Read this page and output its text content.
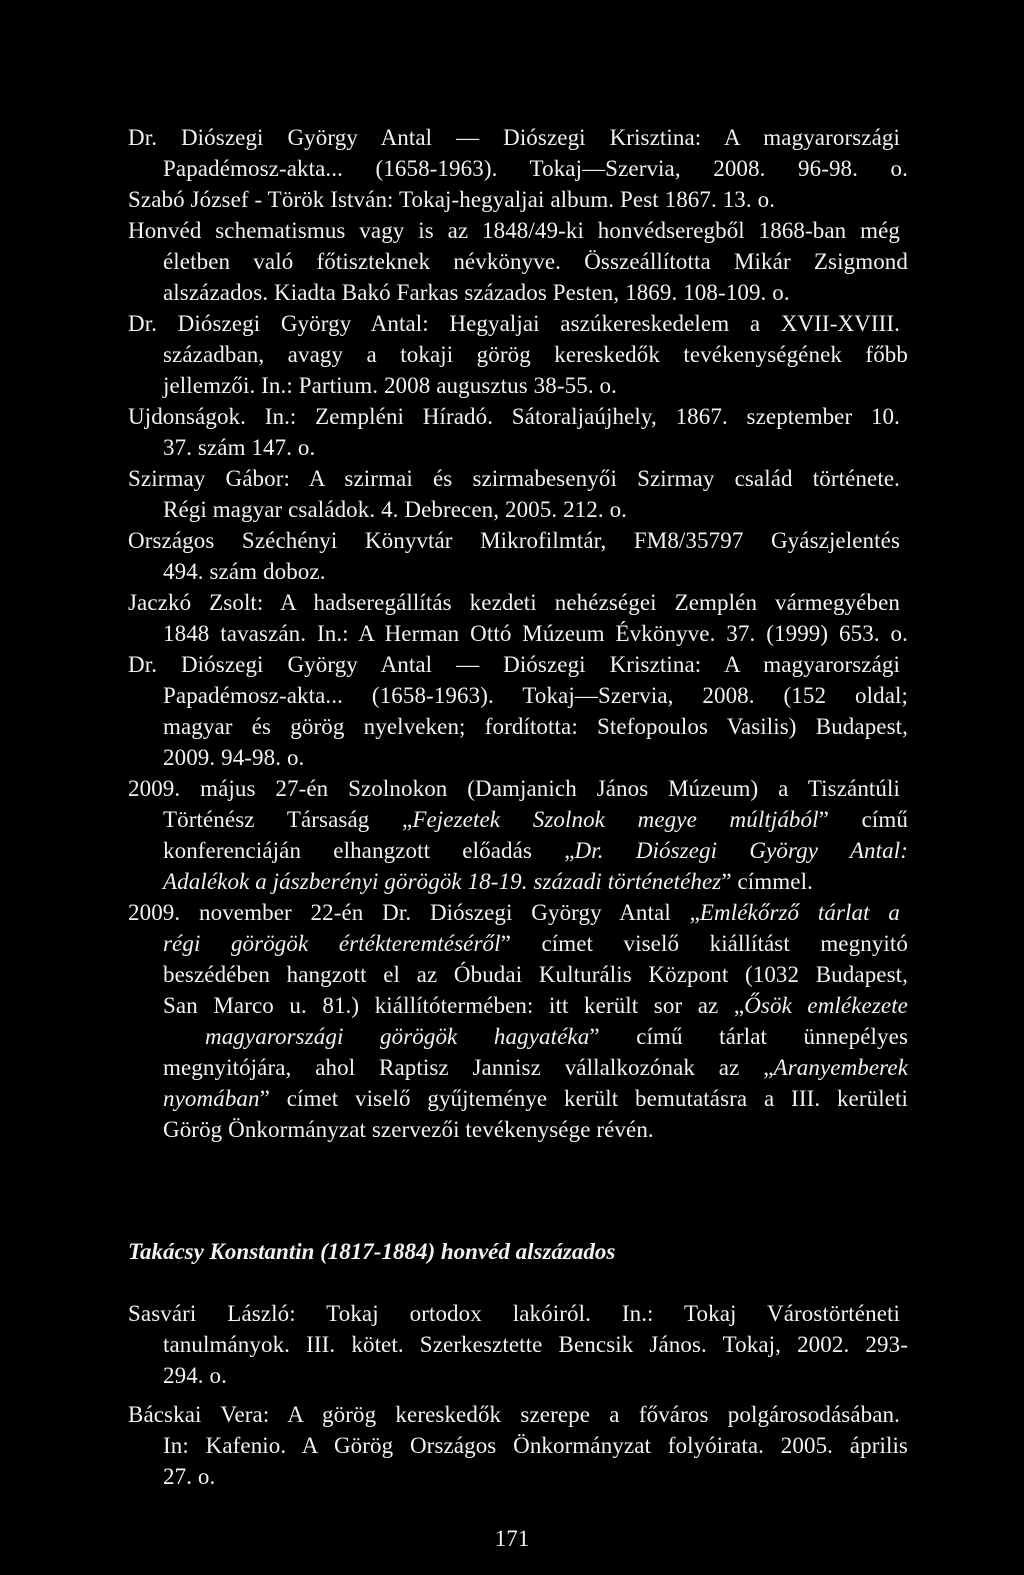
Dr. Diószegi György Antal — Diószegi Krisztina: A magyarországi
Papadémosz-akta... (1658-1963). Tokaj—Szervia, 2008. 96-98. o.
Szabó József - Török István: Tokaj-hegyaljai album. Pest 1867. 13. o.
Honvéd schematismus vagy is az 1848/49-ki honvédseregből 1868-ban még
életben való főtiszteknek névkönyve. Összeállította Mikár Zsigmond
alszázados. Kiadta Bakó Farkas százados Pesten, 1869. 108-109. o.
Dr. Diószegi György Antal: Hegyaljai aszúkereskedelem a XVII-XVIII.
században, avagy a tokaji görög kereskedők tevékenységének főbb
jellemzői. In.: Partium. 2008 augusztus 38-55. o.
Ujdonságok. In.: Zempléni Híradó. Sátoraljaújhely, 1867. szeptember 10.
37. szám 147. o.
Szirmay Gábor: A szirmai és szirmabesenyői Szirmay család története.
Régi magyar családok. 4. Debrecen, 2005. 212. o.
Országos Széchényi Könyvtár Mikrofilmtár, FM8/35797 Gyászjelentés
494. szám doboz.
Jaczkó Zsolt: A hadseregállítás kezdeti nehézségei Zemplén vármegyében
1848 tavaszán. In.: A Herman Ottó Múzeum Évkönyve. 37. (1999) 653. o.
Dr. Diószegi György Antal — Diószegi Krisztina: A magyarországi
Papadémosz-akta... (1658-1963). Tokaj—Szervia, 2008. (152 oldal;
magyar és görög nyelveken; fordította: Stefopoulos Vasilis) Budapest,
2009. 94-98. o.
2009. május 27-én Szolnokon (Damjanich János Múzeum) a Tiszántúli
Történész Társaság „Fejezetek Szolnok megye múltjából” című
konferenciáján elhangzott előadás „Dr. Diószegi György Antal:
Adalékok a jászberényi görögök 18-19. századi történetéhez” címmel.
2009. november 22-én Dr. Diószegi György Antal „Emlékőrző tárlat a
régi görögök értékteremtéséről” címet viselő kiállítást megnyitó
beszédében hangzott el az Óbudai Kulturális Központ (1032 Budapest,
San Marco u. 81.) kiállítótermében: itt került sor az „Ősök emlékezete
magyarországi görögök hagyatéka” című tárlat ünnepélyes
megnyitójára, ahol Raptisz Jannisz vállalkozónak az „Aranyemberek
nyomában” címet viselő gyűjteménye került bemutatásra a III. kerületi
Görög Önkormányzat szervezői tevékenysége révén.
Takácsy Konstantin (1817-1884) honvéd alszázados
Sasvári László: Tokaj ortodox lakóiról. In.: Tokaj Várostörténeti
tanulmányok. III. kötet. Szerkesztette Bencsik János. Tokaj, 2002. 293-
294. o.
Bácskai Vera: A görög kereskedők szerepe a főváros polgárosodásában.
In: Kafenio. A Görög Országos Önkormányzat folyóirata. 2005. április
27. o.
171
